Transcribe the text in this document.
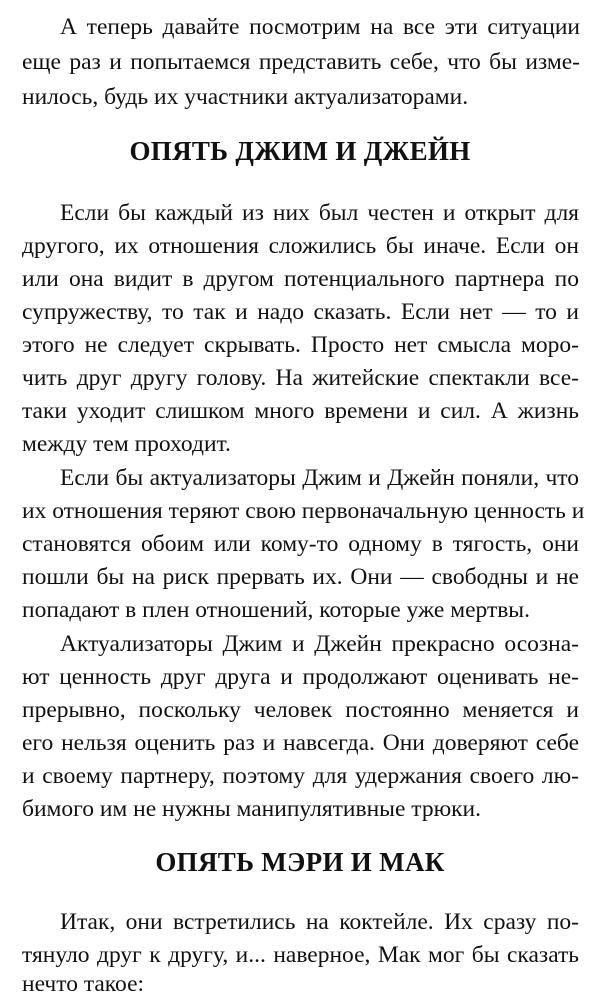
А теперь давайте посмотрим на все эти ситуации
еще раз и попытаемся представить себе, что бы изме-
нилось, будь их участники актуализаторами.
ОПЯТЬ ДЖИМ И ДЖЕЙН
Если бы каждый из них был честен и открыт для
другого, их отношения сложились бы иначе. Если он
или она видит в другом потенциального партнера по
супружеству, то так и надо сказать. Если нет — то и
этого не следует скрывать. Просто нет смысла моро-
чить друг другу голову. На житейские спектакли все-
таки уходит слишком много времени и сил. А жизнь
между тем проходит.
Если бы актуализаторы Джим и Джейн поняли, что
их отношения теряют свою первоначальную ценность и
становятся обоим или кому-то одному в тягость, они
пошли бы на риск прервать их. Они — свободны и не
попадают в плен отношений, которые уже мертвы.
Актуализаторы Джим и Джейн прекрасно осозна-
ют ценность друг друга и продолжают оценивать не-
прерывно, поскольку человек постоянно меняется и
его нельзя оценить раз и навсегда. Они доверяют себе
и своему партнеру, поэтому для удержания своего лю-
бимого им не нужны манипулятивные трюки.
ОПЯТЬ МЭРИ И МАК
Итак, они встретились на коктейле. Их сразу по-
тянуло друг к другу, и... наверное, Мак мог бы сказать
нечто такое:
